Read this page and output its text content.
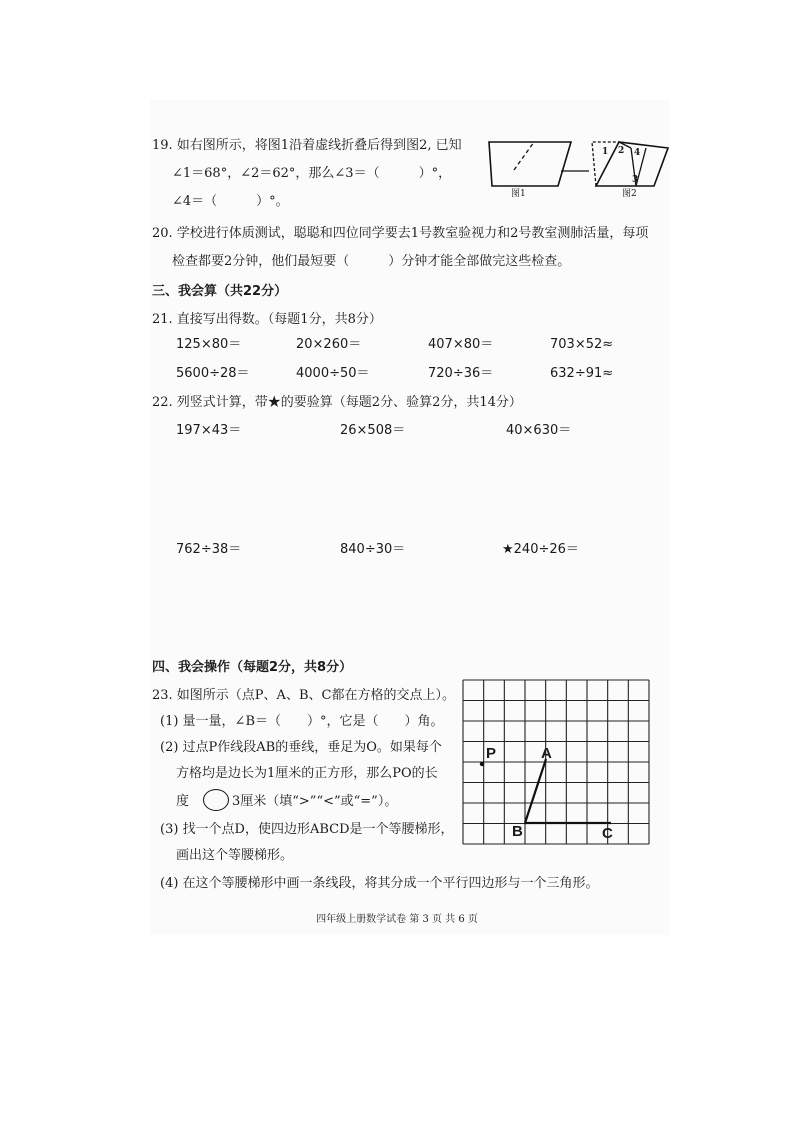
19. 如右图所示，将图1沿着虚线折叠后得到图2, 已知
∠1＝68°，∠2＝62°，那么∠3＝（　　　）°，
∠4＝（　　　）°。
1 2 4
3
图1	图2
20. 学校进行体质测试，聪聪和四位同学要去1号教室验视力和2号教室测肺活量，每项
检查都要2分钟，他们最短要（　　　）分钟才能全部做完这些检查。
三、我会算（共22分）
21. 直接写出得数。（每题1分，共8分）
125×80＝	20×260＝	407×80＝	703×52≈
5600÷28＝	4000÷50＝	720÷36＝	632÷91≈
22. 列竖式计算，带★的要验算（每题2分、验算2分，共14分）
197×43＝	26×508＝	40×630＝
762÷38＝	840÷30＝	★240÷26＝
四、我会操作（每题2分，共8分）
23. 如图所示（点P、A、B、C都在方格的交点上）。
(1) 量一量，∠B＝（　　）°，它是（　　）角。
(2) 过点P作线段AB的垂线，垂足为O。如果每个
方格均是边长为1厘米的正方形，那么PO的长
度	3厘米（填“>”“<”或“=”）。
(3) 找一个点D，使四边形ABCD是一个等腰梯形，
画出这个等腰梯形。
(4) 在这个等腰梯形中画一条线段，将其分成一个平行四边形与一个三角形。
P	A
B	C
四年级上册数学试卷 第 3 页 共 6 页
